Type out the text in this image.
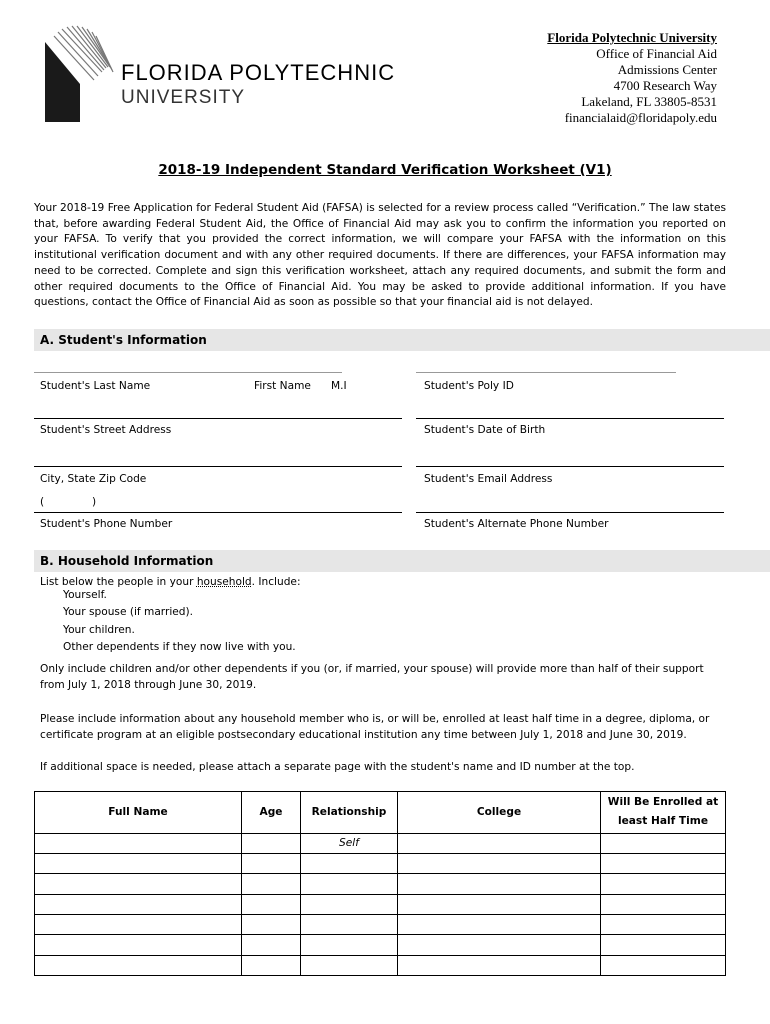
FLORIDA POLYTECHNIC
UNIVERSITY
Florida Polytechnic University
Office of Financial Aid
Admissions Center
4700 Research Way
Lakeland, FL 33805-8531
financialaid@floridapoly.edu
2018-19 Independent Standard Verification Worksheet (V1)
Your 2018-19 Free Application for Federal Student Aid (FAFSA) is selected for a review process called “Verification.” The law states that, before awarding Federal Student Aid, the Office of Financial Aid may ask you to confirm the information you reported on your FAFSA. To verify that you provided the correct information, we will compare your FAFSA with the information on this institutional verification document and with any other required documents. If there are differences, your FAFSA information may need to be corrected. Complete and sign this verification worksheet, attach any required documents, and submit the form and other required documents to the Office of Financial Aid. You may be asked to provide additional information. If you have questions, contact the Office of Financial Aid as soon as possible so that your financial aid is not delayed.
A. Student's Information
Student's Last Name	First Name M.I	Student's Poly ID
Student's Street Address	Student's Date of Birth
City, State Zip Code	Student's Email Address
(	)
Student's Phone Number	Student's Alternate Phone Number
B. Household Information
List below the people in your household. Include:
Yourself.
Your spouse (if married).
Your children.
Other dependents if they now live with you.
Only include children and/or other dependents if you (or, if married, your spouse) will provide more than half of their support from July 1, 2018 through June 30, 2019.
Please include information about any household member who is, or will be, enrolled at least half time in a degree, diploma, or certificate program at an eligible postsecondary educational institution any time between July 1, 2018 and June 30, 2019.
If additional space is needed, please attach a separate page with the student's name and ID number at the top.
Full Name	Age	Relationship	College	Will Be Enrolled at least Half Time
		Self		
